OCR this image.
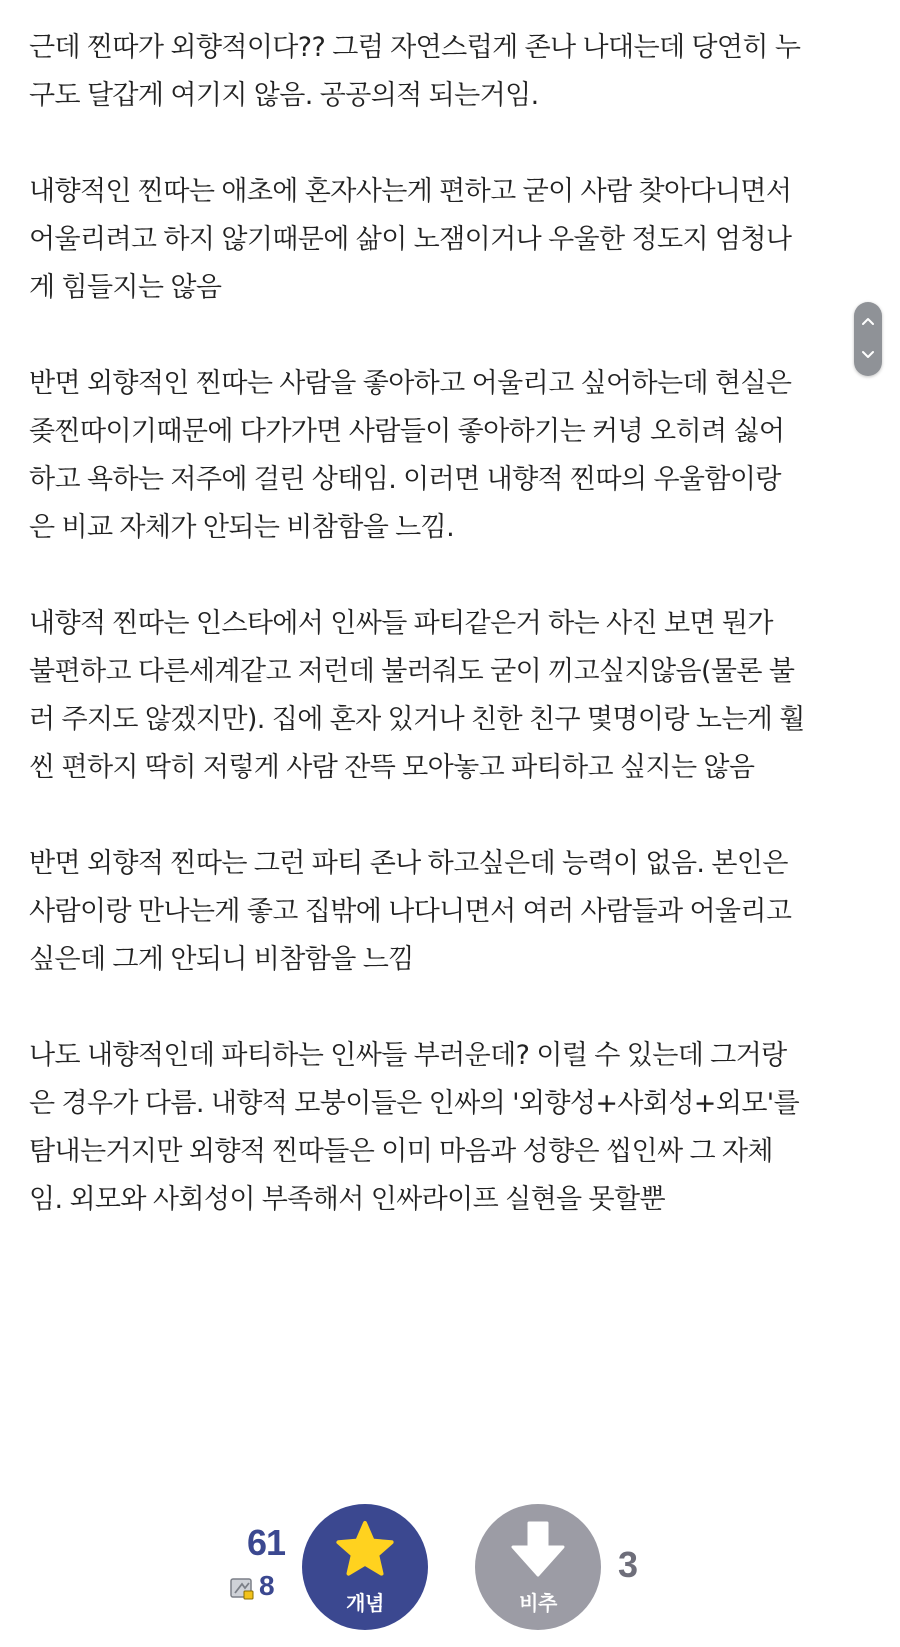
근데 찐따가 외향적이다?? 그럼 자연스럽게 존나 나대는데 당연히 누
구도 달갑게 여기지 않음. 공공의적 되는거임.

내향적인 찐따는 애초에 혼자사는게 편하고 굳이 사람 찾아다니면서
어울리려고 하지 않기때문에 삶이 노잼이거나 우울한 정도지 엄청나
게 힘들지는 않음

반면 외향적인 찐따는 사람을 좋아하고 어울리고 싶어하는데 현실은
좆찐따이기때문에 다가가면 사람들이 좋아하기는 커녕 오히려 싫어
하고 욕하는 저주에 걸린 상태임. 이러면 내향적 찐따의 우울함이랑
은 비교 자체가 안되는 비참함을 느낌.

내향적 찐따는 인스타에서 인싸들 파티같은거 하는 사진 보면 뭔가
불편하고 다른세계같고 저런데 불러줘도 굳이 끼고싶지않음(물론 불
러 주지도 않겠지만). 집에 혼자 있거나 친한 친구 몇명이랑 노는게 훨
씬 편하지 딱히 저렇게 사람 잔뜩 모아놓고 파티하고 싶지는 않음

반면 외향적 찐따는 그런 파티 존나 하고싶은데 능력이 없음. 본인은
사람이랑 만나는게 좋고 집밖에 나다니면서 여러 사람들과 어울리고
싶은데 그게 안되니 비참함을 느낌

나도 내향적인데 파티하는 인싸들 부러운데? 이럴 수 있는데 그거랑
은 경우가 다름. 내향적 모붕이들은 인싸의 '외향성+사회성+외모'를
탐내는거지만 외향적 찐따들은 이미 마음과 성향은 씹인싸 그 자체
임. 외모와 사회성이 부족해서 인싸라이프 실현을 못할뿐

61
8
개념	비추
3
